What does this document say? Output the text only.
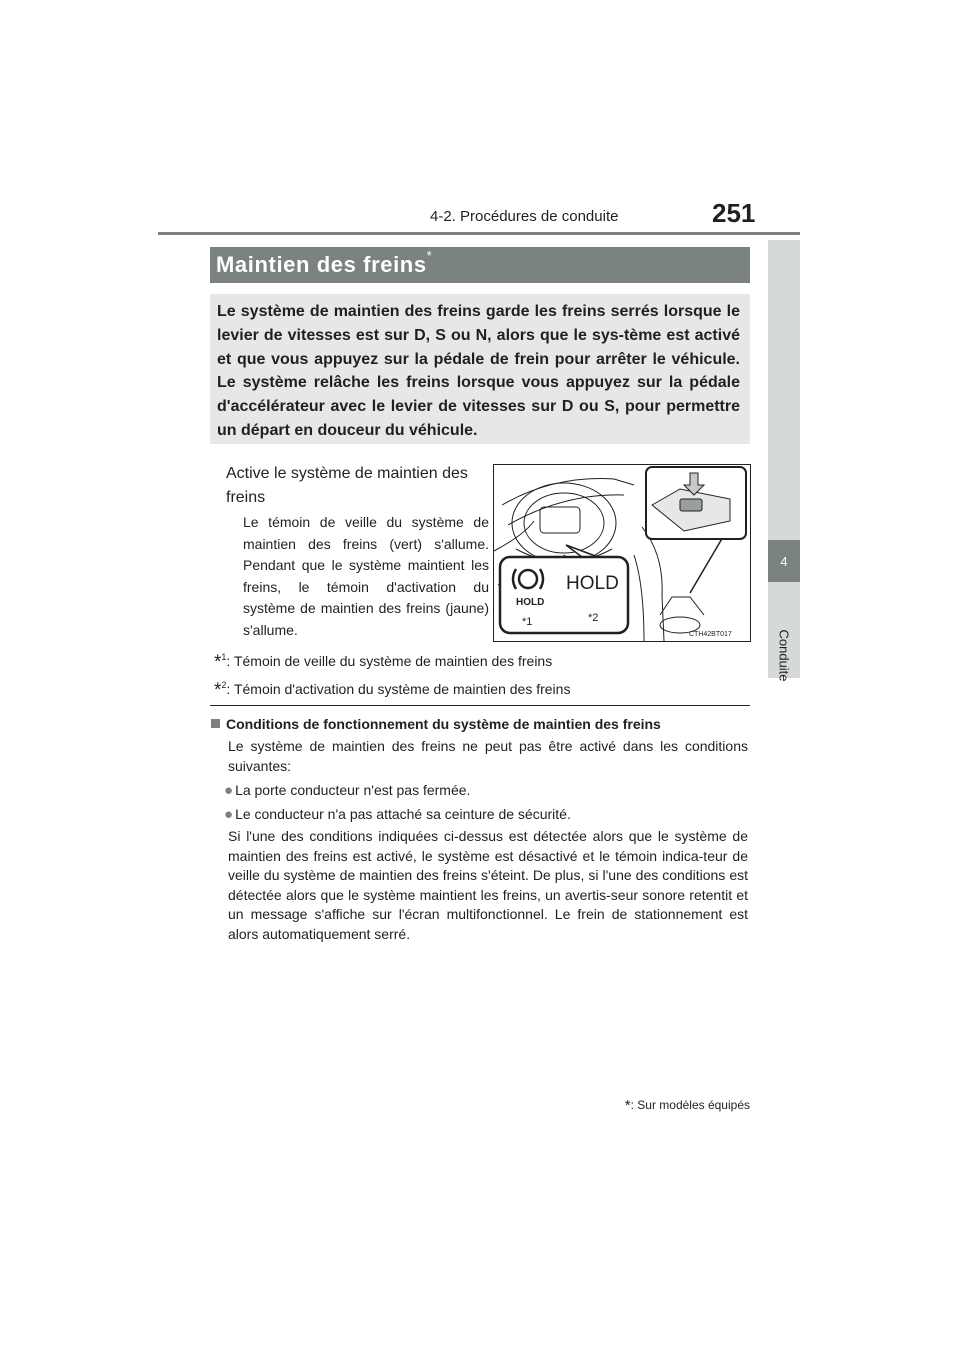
4-2. Procédures de conduite	251
4
Conduite
Maintien des freins*
Le système de maintien des freins garde les freins serrés lorsque le levier de vitesses est sur D, S ou N, alors que le sys-tème est activé et que vous appuyez sur la pédale de frein pour arrêter le véhicule. Le système relâche les freins lorsque vous appuyez sur la pédale d'accélérateur avec le levier de vitesses sur D ou S, pour permettre un départ en douceur du véhicule.
Active le système de maintien des freins
Le témoin de veille du système de maintien des freins (vert) s'allume. Pendant que le système maintient les freins, le témoin d'activation du système de maintien des freins (jaune) s'allume.
HOLD
HOLD
*1	*2
CTH42BT017
*$^1$: Témoin de veille du système de maintien des freins
*$^2$: Témoin d'activation du système de maintien des freins
Conditions de fonctionnement du système de maintien des freins
Le système de maintien des freins ne peut pas être activé dans les conditions suivantes:
● La porte conducteur n'est pas fermée.
● Le conducteur n'a pas attaché sa ceinture de sécurité.
Si l'une des conditions indiquées ci-dessus est détectée alors que le système de maintien des freins est activé, le système est désactivé et le témoin indica-teur de veille du système de maintien des freins s'éteint. De plus, si l'une des conditions est détectée alors que le système maintient les freins, un avertis-seur sonore retentit et un message s'affiche sur l'écran multifonctionnel. Le frein de stationnement est alors automatiquement serré.
*: Sur modèles équipés
